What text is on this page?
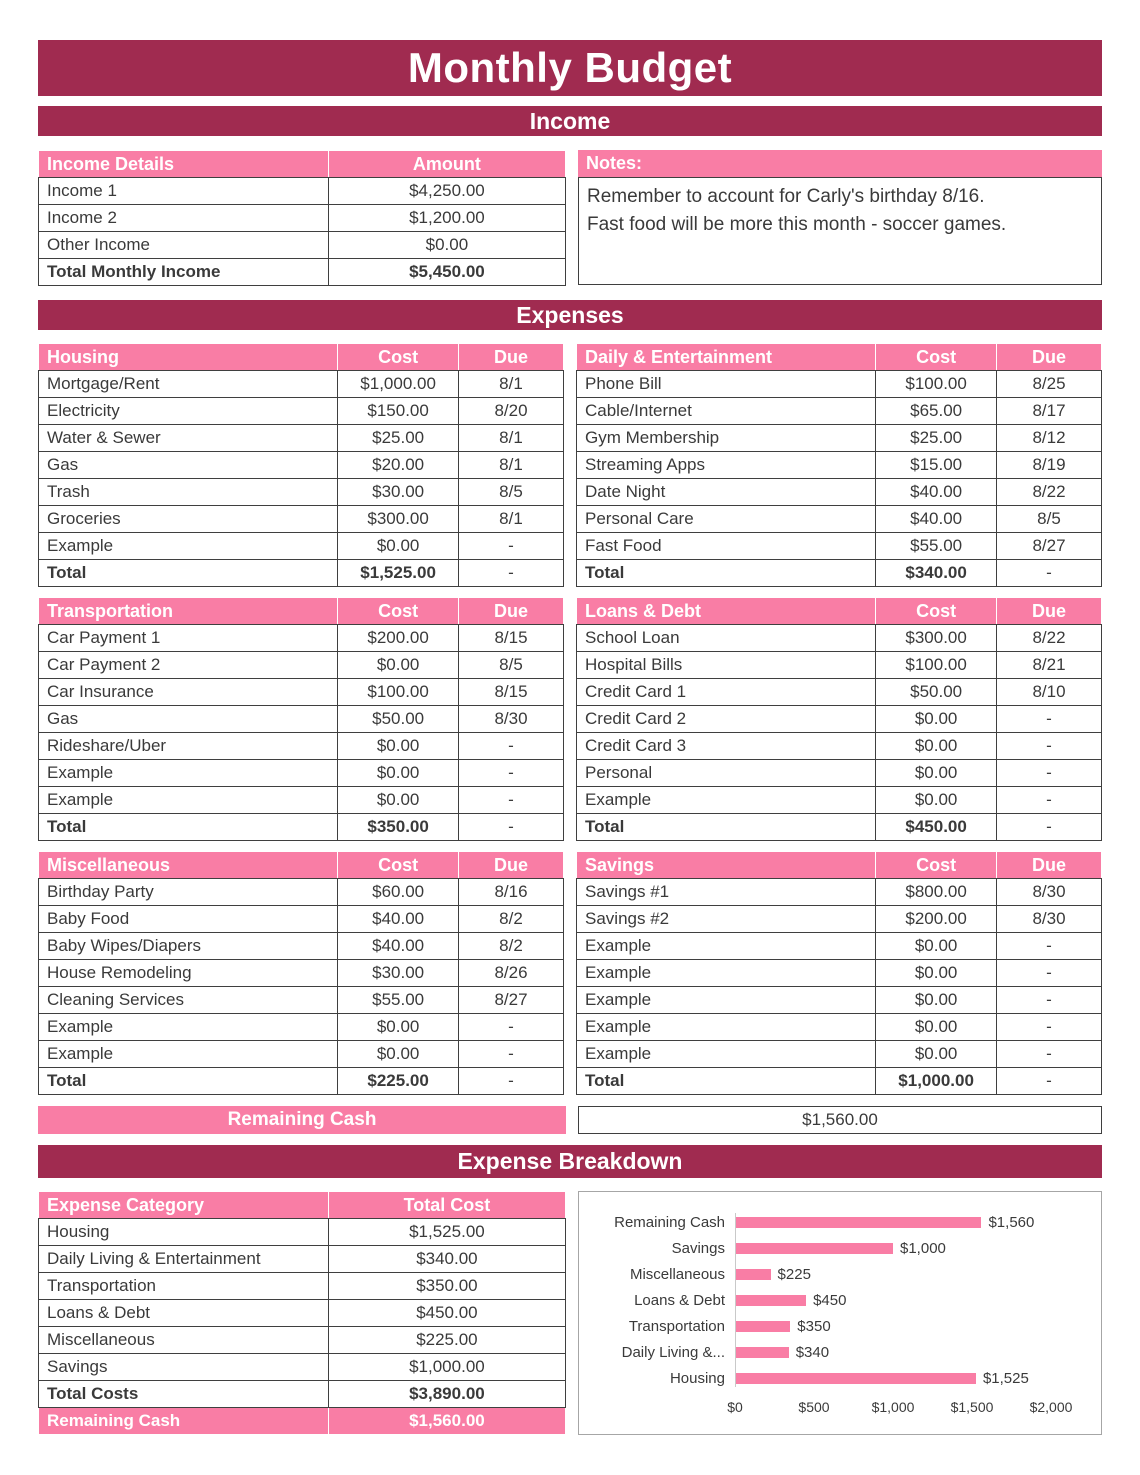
Monthly Budget
Income
Income Details	Amount
Income 1	$4,250.00
Income 2	$1,200.00
Other Income	$0.00
Total Monthly Income	$5,450.00
Notes:
Remember to account for Carly's birthday 8/16.
Fast food will be more this month - soccer games.
Expenses
Housing	Cost	Due
Mortgage/Rent	$1,000.00	8/1
Electricity	$150.00	8/20
Water & Sewer	$25.00	8/1
Gas	$20.00	8/1
Trash	$30.00	8/5
Groceries	$300.00	8/1
Example	$0.00	-
Total	$1,525.00	-
Daily & Entertainment	Cost	Due
Phone Bill	$100.00	8/25
Cable/Internet	$65.00	8/17
Gym Membership	$25.00	8/12
Streaming Apps	$15.00	8/19
Date Night	$40.00	8/22
Personal Care	$40.00	8/5
Fast Food	$55.00	8/27
Total	$340.00	-
Transportation	Cost	Due
Car Payment 1	$200.00	8/15
Car Payment 2	$0.00	8/5
Car Insurance	$100.00	8/15
Gas	$50.00	8/30
Rideshare/Uber	$0.00	-
Example	$0.00	-
Example	$0.00	-
Total	$350.00	-
Loans & Debt	Cost	Due
School Loan	$300.00	8/22
Hospital Bills	$100.00	8/21
Credit Card 1	$50.00	8/10
Credit Card 2	$0.00	-
Credit Card 3	$0.00	-
Personal	$0.00	-
Example	$0.00	-
Total	$450.00	-
Miscellaneous	Cost	Due
Birthday Party	$60.00	8/16
Baby Food	$40.00	8/2
Baby Wipes/Diapers	$40.00	8/2
House Remodeling	$30.00	8/26
Cleaning Services	$55.00	8/27
Example	$0.00	-
Example	$0.00	-
Total	$225.00	-
Savings	Cost	Due
Savings #1	$800.00	8/30
Savings #2	$200.00	8/30
Example	$0.00	-
Example	$0.00	-
Example	$0.00	-
Example	$0.00	-
Example	$0.00	-
Total	$1,000.00	-
Remaining Cash	$1,560.00
Expense Breakdown
Expense Category	Total Cost
Housing	$1,525.00
Daily Living & Entertainment	$340.00
Transportation	$350.00
Loans & Debt	$450.00
Miscellaneous	$225.00
Savings	$1,000.00
Total Costs	$3,890.00
Remaining Cash	$1,560.00
Remaining Cash	$1,560
Savings	$1,000
Miscellaneous	$225
Loans & Debt	$450
Transportation	$350
Daily Living &...	$340
Housing	$1,525
$0	$500	$1,000	$1,500	$2,000
